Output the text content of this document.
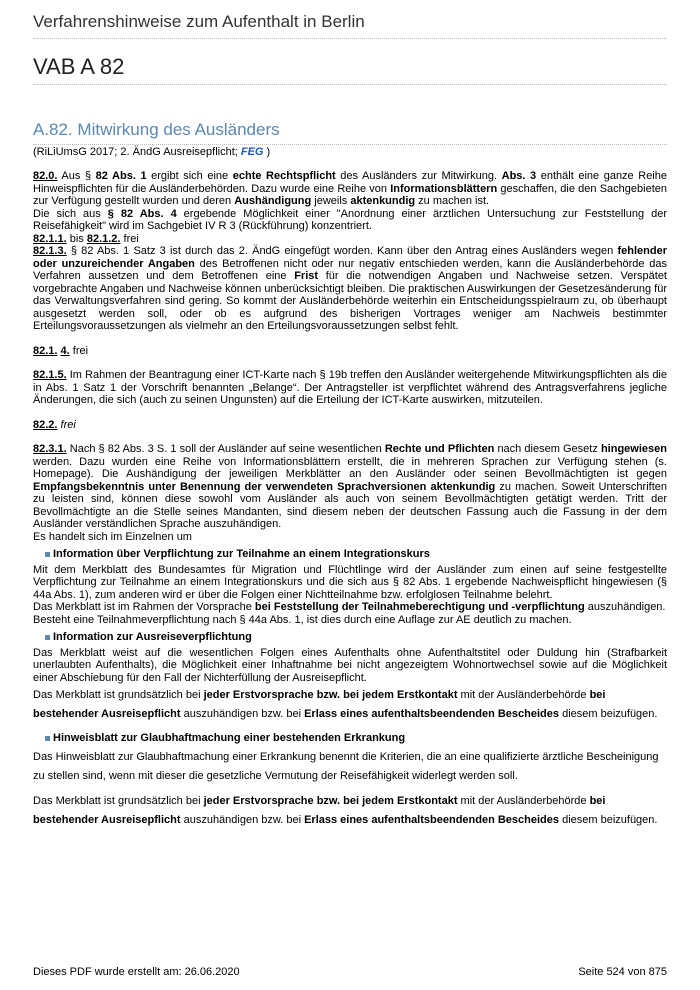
Verfahrenshinweise zum Aufenthalt in Berlin
VAB A 82
A.82. Mitwirkung des Ausländers
(RiLiUmsG 2017; 2. ÄndG Ausreisepflicht; FEG )

82.0. Aus § 82 Abs. 1 ergibt sich eine echte Rechtspflicht des Ausländers zur Mitwirkung. Abs. 3 enthält eine ganze Reihe Hinweispflichten für die Ausländerbehörden. Dazu wurde eine Reihe von Informationsblättern geschaffen, die den Sachgebieten zur Verfügung gestellt wurden und deren Aushändigung jeweils aktenkundig zu machen ist.

Die sich aus § 82 Abs. 4 ergebende Möglichkeit einer "Anordnung einer ärztlichen Untersuchung zur Feststellung der Reisefähigkeit" wird im Sachgebiet IV R 3 (Rückführung) konzentriert.

82.1.1. bis 82.1.2. frei

82.1.3. § 82 Abs. 1 Satz 3 ist durch das 2. ÄndG eingefügt worden. Kann über den Antrag eines Ausländers wegen fehlender oder unzureichender Angaben des Betroffenen nicht oder nur negativ entschieden werden, kann die Ausländerbehörde das Verfahren aussetzen und dem Betroffenen eine Frist für die notwendigen Angaben und Nachweise setzen. Verspätet vorgebrachte Angaben und Nachweise können unberücksichtigt bleiben. Die praktischen Auswirkungen der Gesetzesänderung für das Verwaltungsverfahren sind gering. So kommt der Ausländerbehörde weiterhin ein Entscheidungsspielraum zu, ob überhaupt ausgesetzt werden soll, oder ob es aufgrund des bisherigen Vortrages weniger am Nachweis bestimmter Erteilungsvoraussetzungen als vielmehr an den Erteilungsvoraussetzungen selbst fehlt.

82.1. 4. frei

82.1.5. Im Rahmen der Beantragung einer ICT-Karte nach § 19b treffen den Ausländer weitergehende Mitwirkungspflichten als die in Abs. 1 Satz 1 der Vorschrift benannten „Belange“. Der Antragsteller ist verpflichtet während des Antragsverfahrens jegliche Änderungen, die sich (auch zu seinen Ungunsten) auf die Erteilung der ICT-Karte auswirken, mitzuteilen.

82.2. frei

82.3.1. Nach § 82 Abs. 3 S. 1 soll der Ausländer auf seine wesentlichen Rechte und Pflichten nach diesem Gesetz hingewiesen werden. Dazu wurden eine Reihe von Informationsblättern erstellt, die in mehreren Sprachen zur Verfügung stehen (s. Homepage). Die Aushändigung der jeweiligen Merkblätter an den Ausländer oder seinen Bevollmächtigten ist gegen Empfangsbekenntnis unter Benennung der verwendeten Sprachversionen aktenkundig zu machen. Soweit Unterschriften zu leisten sind, können diese sowohl vom Ausländer als auch von seinem Bevollmächtigten getätigt werden. Tritt der Bevollmächtigte an die Stelle seines Mandanten, sind diesem neben der deutschen Fassung auch die Fassung in der dem Ausländer verständlichen Sprache auszuhändigen.

Es handelt sich im Einzelnen um

Information über Verpflichtung zur Teilnahme an einem Integrationskurs

Mit dem Merkblatt des Bundesamtes für Migration und Flüchtlinge wird der Ausländer zum einen auf seine festgestellte Verpflichtung zur Teilnahme an einem Integrationskurs und die sich aus § 82 Abs. 1 ergebende Nachweispflicht hingewiesen (§ 44a Abs. 1), zum anderen wird er über die Folgen einer Nichtteilnahme bzw. erfolglosen Teilnahme belehrt.

Das Merkblatt ist im Rahmen der Vorsprache bei Feststellung der Teilnahmeberechtigung und -verpflichtung auszuhändigen.

Besteht eine Teilnahmeverpflichtung nach § 44a Abs. 1, ist dies durch eine Auflage zur AE deutlich zu machen.

Information zur Ausreiseverpflichtung

Das Merkblatt weist auf die wesentlichen Folgen eines Aufenthalts ohne Aufenthaltstitel oder Duldung hin (Strafbarkeit unerlaubten Aufenthalts), die Möglichkeit einer Inhaftnahme bei nicht angezeigtem Wohnortwechsel sowie auf die Möglichkeit einer Abschiebung für den Fall der Nichterfüllung der Ausreisepflicht.

Das Merkblatt ist grundsätzlich bei jeder Erstvorsprache bzw. bei jedem Erstkontakt mit der Ausländerbehörde bei bestehender Ausreisepflicht auszuhändigen bzw. bei Erlass eines aufenthaltsbeendenden Bescheides diesem beizufügen.

Hinweisblatt zur Glaubhaftmachung einer bestehenden Erkrankung

Das Hinweisblatt zur Glaubhaftmachung einer Erkrankung benennt die Kriterien, die an eine qualifizierte ärztliche Bescheinigung zu stellen sind, wenn mit dieser die gesetzliche Vermutung der Reisefähigkeit widerlegt werden soll.

Das Merkblatt ist grundsätzlich bei jeder Erstvorsprache bzw. bei jedem Erstkontakt mit der Ausländerbehörde bei bestehender Ausreisepflicht auszuhändigen bzw. bei Erlass eines aufenthaltsbeendenden Bescheides diesem beizufügen.

Dieses PDF wurde erstellt am: 26.06.2020	Seite 524 von 875
